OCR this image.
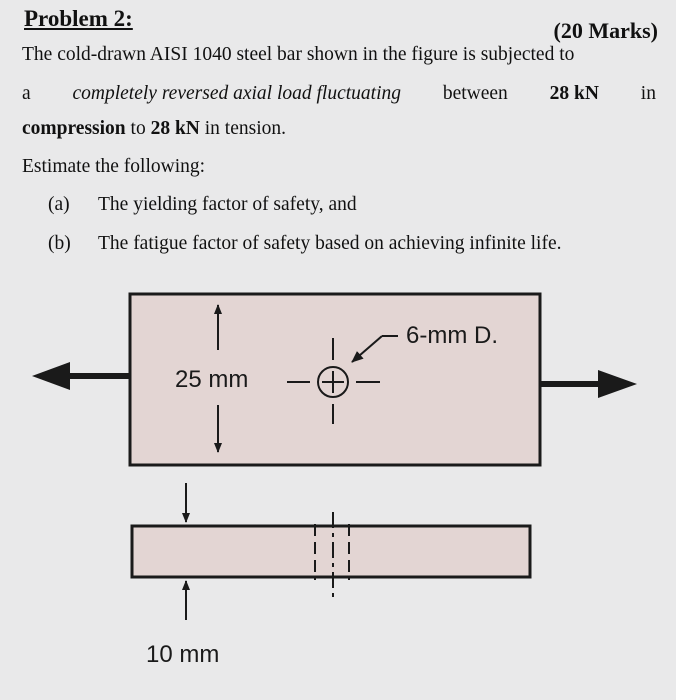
Problem 2:	(20 Marks)
The cold-drawn AISI 1040 steel bar shown in the figure is subjected to
a completely reversed axial load fluctuating between 28 kN in
compression to 28 kN in tension.
Estimate the following:
(a) The yielding factor of safety, and
(b) The fatigue factor of safety based on achieving infinite life.
25 mm
6-mm D.
10 mm
